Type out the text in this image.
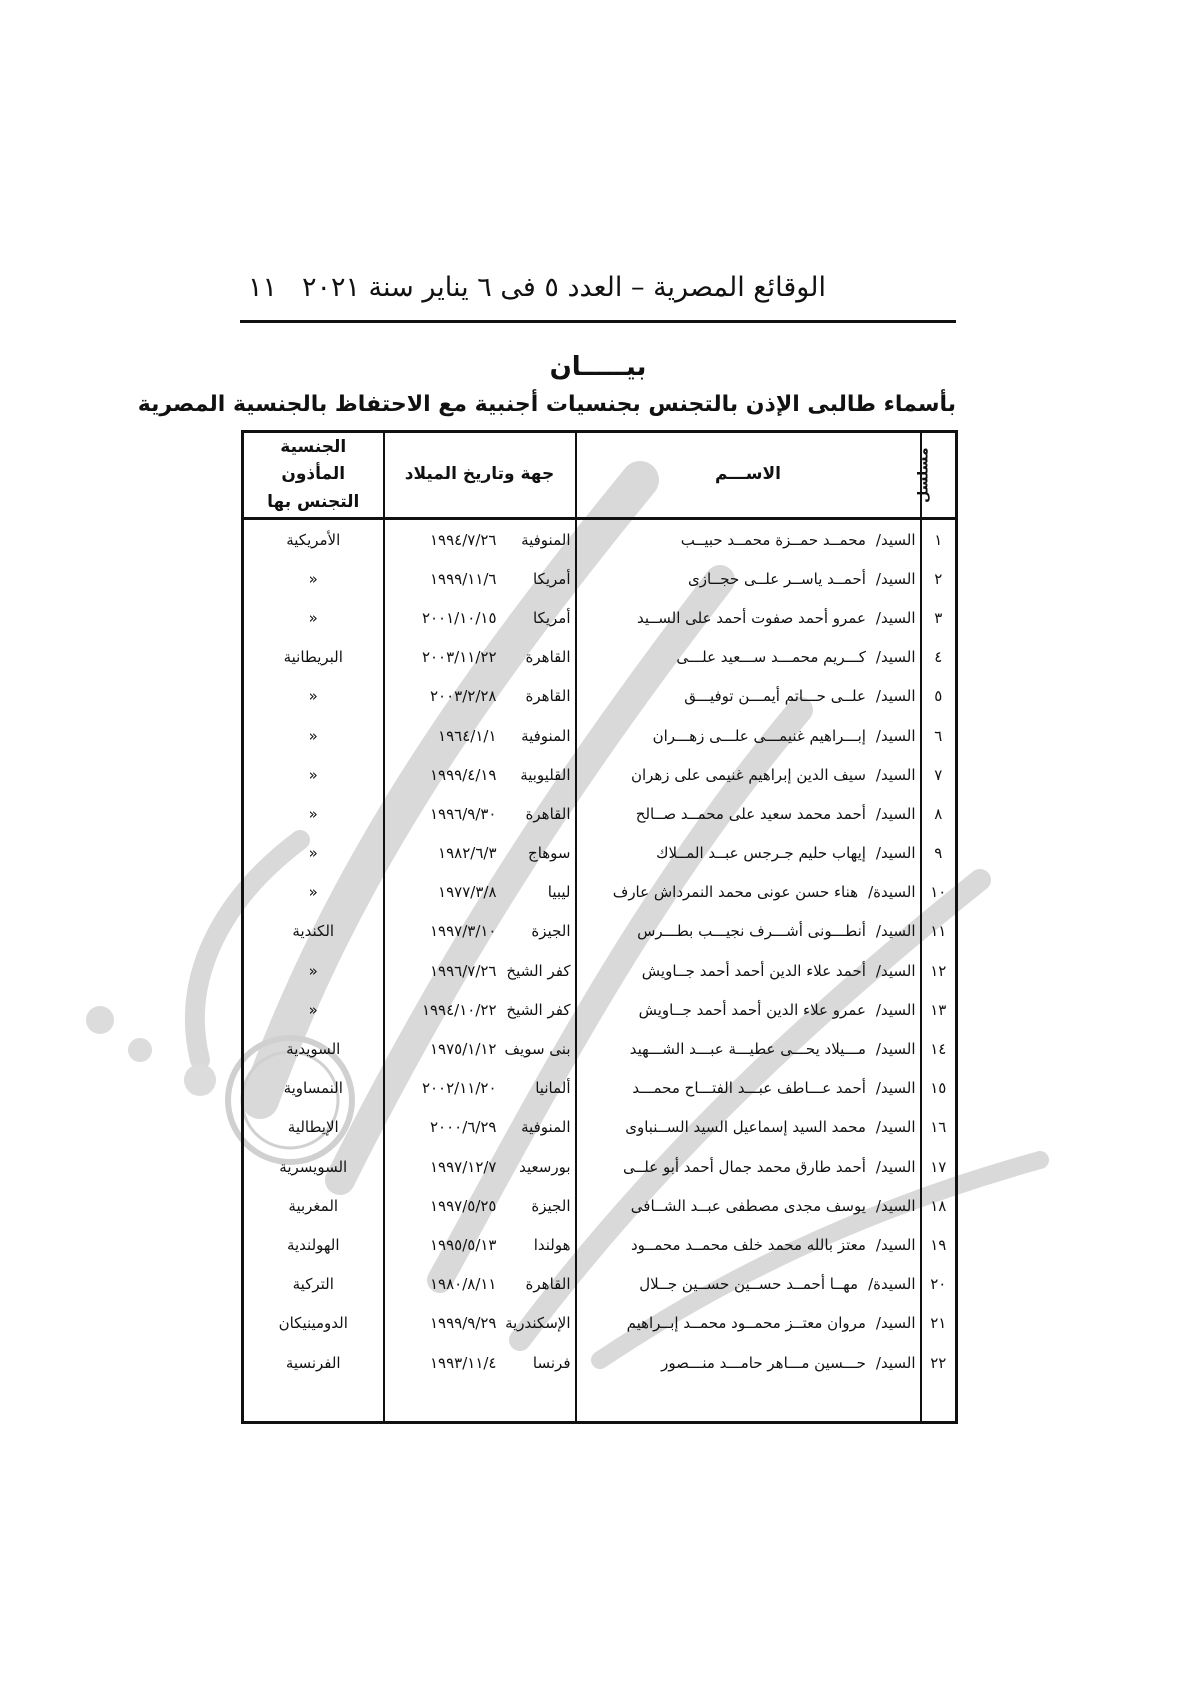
الوقائع المصرية – العدد ٥ فى ٦ يناير سنة ٢٠٢١
١١
بيـــــان
بأسماء طالبى الإذن بالتجنس بجنسيات أجنبية مع الاحتفاظ بالجنسية المصرية
مسلسل	الاســـم	جهة وتاريخ الميلاد	الجنسية المأذون التجنس بها
١	السيد/محمــد حمــزة محمــد حبيــب	المنوفية١٩٩٤/٧/٢٦	الأمريكية
٢	السيد/أحمــد ياســر علــى حجــازى	أمريكا١٩٩٩/١١/٦	«
٣	السيد/عمرو أحمد صفوت أحمد على الســيد	أمريكا٢٠٠١/١٠/١٥	«
٤	السيد/كـــريم محمـــد ســـعيد علـــى	القاهرة٢٠٠٣/١١/٢٢	البريطانية
٥	السيد/علــى حـــاتم أيمـــن توفيـــق	القاهرة٢٠٠٣/٢/٢٨	«
٦	السيد/إبـــراهيم غنيمـــى علـــى زهـــران	المنوفية١٩٦٤/١/١	«
٧	السيد/سيف الدين إبراهيم غنيمى على زهران	القليوبية١٩٩٩/٤/١٩	«
٨	السيد/أحمد محمد سعيد على محمــد صــالح	القاهرة١٩٩٦/٩/٣٠	«
٩	السيد/إيهاب حليم جـرجس عبــد المــلاك	سوهاج١٩٨٢/٦/٣	«
١٠	السيدة/هناء حسن عونى محمد النمرداش عارف	ليبيا١٩٧٧/٣/٨	«
١١	السيد/أنطـــونى أشـــرف نجيـــب بطـــرس	الجيزة١٩٩٧/٣/١٠	الكندية
١٢	السيد/أحمد علاء الدين أحمد أحمد جــاويش	كفر الشيخ١٩٩٦/٧/٢٦	«
١٣	السيد/عمرو علاء الدين أحمد أحمد جــاويش	كفر الشيخ١٩٩٤/١٠/٢٢	«
١٤	السيد/مـــيلاد يحـــى عطيـــة عبـــد الشـــهيد	بنى سويف١٩٧٥/١/١٢	السويدية
١٥	السيد/أحمد عـــاطف عبـــد الفتـــاح محمـــد	ألمانيا٢٠٠٢/١١/٢٠	النمساوية
١٦	السيد/محمد السيد إسماعيل السيد الســنباوى	المنوفية٢٠٠٠/٦/٢٩	الإيطالية
١٧	السيد/أحمد طارق محمد جمال أحمد أبو علــى	بورسعيد١٩٩٧/١٢/٧	السويسرية
١٨	السيد/يوسف مجدى مصطفى عبــد الشــافى	الجيزة١٩٩٧/٥/٢٥	المغربية
١٩	السيد/معتز بالله محمد خلف محمــد محمــود	هولندا١٩٩٥/٥/١٣	الهولندية
٢٠	السيدة/مهــا أحمــد حســين حســين جــلال	القاهرة١٩٨٠/٨/١١	التركية
٢١	السيد/مروان معتــز محمــود محمــد إبــراهيم	الإسكندرية١٩٩٩/٩/٢٩	الدومينيكان
٢٢	السيد/حـــسين مـــاهر حامـــد منـــصور	فرنسا١٩٩٣/١١/٤	الفرنسية
